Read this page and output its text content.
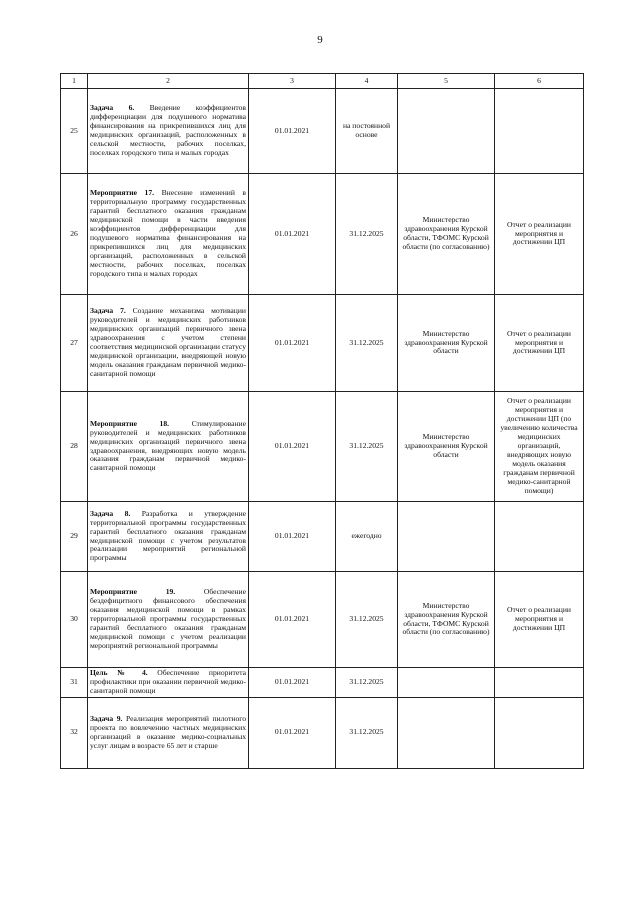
9
1	2	3	4	5	6
25	Задача 6. Введение коэффициентов дифференциации для подушевого норматива финансирования на прикрепившихся лиц для медицинских организаций, расположенных в сельской местности, рабочих поселках, поселках городского типа и малых городах	01.01.2021	на постоянной основе		
26	Мероприятие 17. Внесение изменений в территориальную программу государственных гарантий бесплатного оказания гражданам медицинской помощи в части введения коэффициентов дифференциации для подушевого норматива финансирования на прикрепившихся лиц для медицинских организаций, расположенных в сельской местности, рабочих поселках, поселках городского типа и малых городах	01.01.2021	31.12.2025	Министерство здравоохранения Курской области, ТФОМС Курской области (по согласованию)	Отчет о реализации мероприятия и достижении ЦП
27	Задача 7. Создание механизма мотивации руководителей и медицинских работников медицинских организаций первичного звена здравоохранения с учетом степени соответствия медицинской организации статусу медицинской организации, внедряющей новую модель оказания гражданам первичной медико-санитарной помощи	01.01.2021	31.12.2025	Министерство здравоохранения Курской области	Отчет о реализации мероприятия и достижении ЦП
28	Мероприятие 18. Стимулирование руководителей и медицинских работников медицинских организаций первичного звена здравоохранения, внедряющих новую модель оказания гражданам первичной медико-санитарной помощи	01.01.2021	31.12.2025	Министерство здравоохранения Курской области	Отчет о реализации мероприятия и достижении ЦП (по увеличению количества медицинских организаций, внедряющих новую модель оказания гражданам первичной медико-санитарной помощи)
29	Задача 8. Разработка и утверждение территориальной программы государственных гарантий бесплатного оказания гражданам медицинской помощи с учетом результатов реализации мероприятий региональной программы	01.01.2021	ежегодно		
30	Мероприятие 19. Обеспечение бездефицитного финансового обеспечения оказания медицинской помощи в рамках территориальной программы государственных гарантий бесплатного оказания гражданам медицинской помощи с учетом реализации мероприятий региональной программы	01.01.2021	31.12.2025	Министерство здравоохранения Курской области, ТФОМС Курской области (по согласованию)	Отчет о реализации мероприятия и достижении ЦП
31	Цель № 4. Обеспечение приоритета профилактики при оказании первичной медико-санитарной помощи	01.01.2021	31.12.2025		
32	Задача 9. Реализация мероприятий пилотного проекта по вовлечению частных медицинских организаций в оказание медико-социальных услуг лицам в возрасте 65 лет и старше	01.01.2021	31.12.2025		
